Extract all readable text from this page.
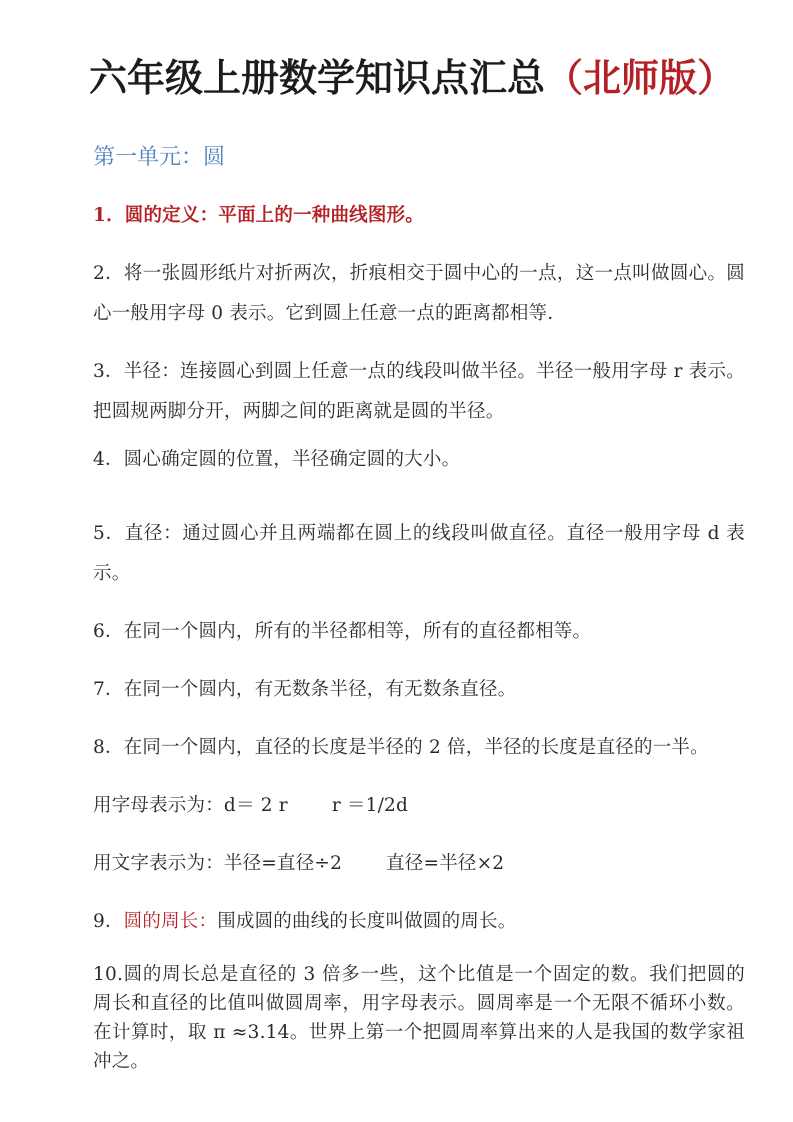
六年级上册数学知识点汇总（北师版）
第一单元：圆
1．圆的定义：平面上的一种曲线图形。
2．将一张圆形纸片对折两次，折痕相交于圆中心的一点，这一点叫做圆心。圆心一般用字母 0 表示。它到圆上任意一点的距离都相等.
3．半径：连接圆心到圆上任意一点的线段叫做半径。半径一般用字母 r 表示。把圆规两脚分开，两脚之间的距离就是圆的半径。
4．圆心确定圆的位置，半径确定圆的大小。
5．直径：通过圆心并且两端都在圆上的线段叫做直径。直径一般用字母 d 表示。
6．在同一个圆内，所有的半径都相等，所有的直径都相等。
7．在同一个圆内，有无数条半径，有无数条直径。
8．在同一个圆内，直径的长度是半径的 2 倍，半径的长度是直径的一半。
用字母表示为：d＝ 2 r r ＝1/2d
用文字表示为：半径=直径÷2 直径=半径×2
9．圆的周长：围成圆的曲线的长度叫做圆的周长。
10.圆的周长总是直径的 3 倍多一些，这个比值是一个固定的数。我们把圆的周长和直径的比值叫做圆周率，用字母表示。圆周率是一个无限不循环小数。在计算时，取 π ≈3.14。世界上第一个把圆周率算出来的人是我国的数学家祖冲之。
